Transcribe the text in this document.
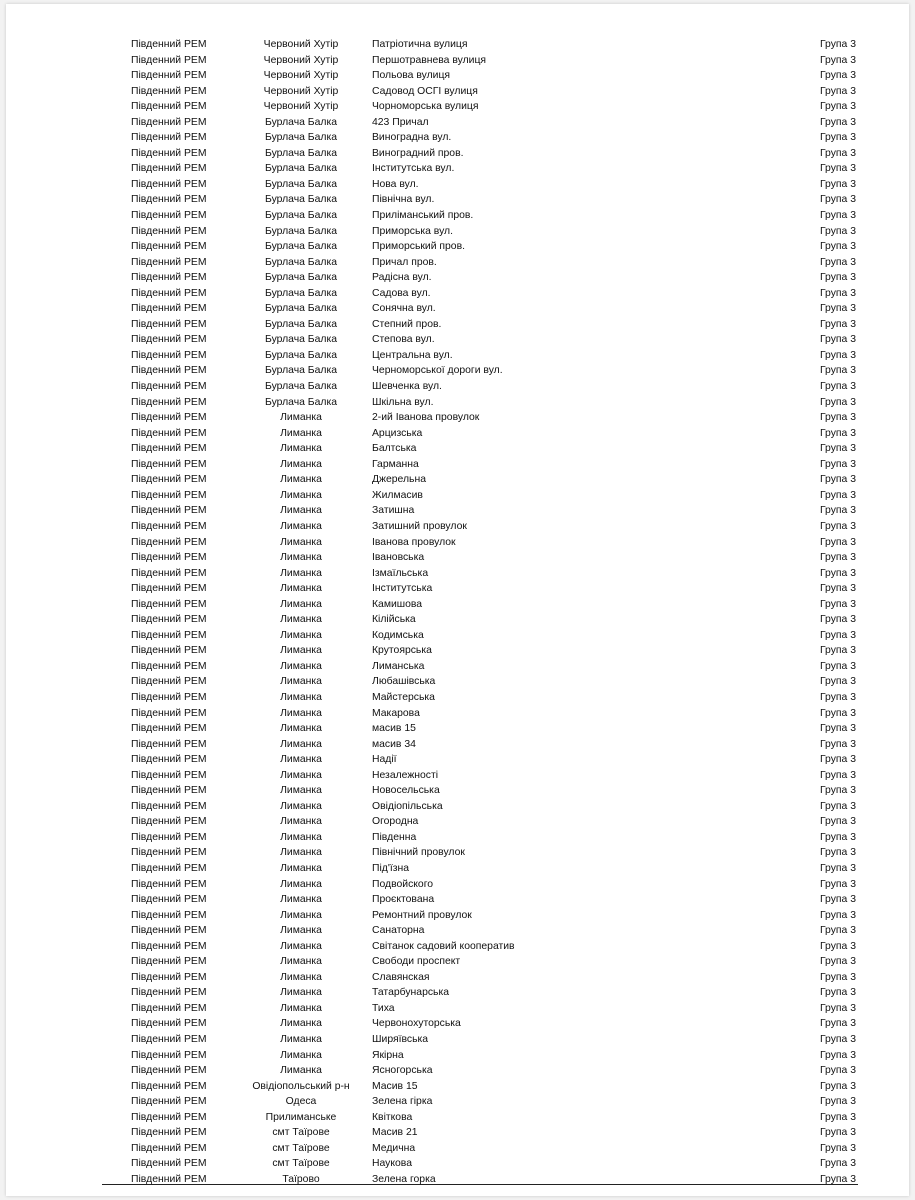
Південний РЕМ	Червоний Хутір	Патріотична вулиця	Група 3
Південний РЕМ	Червоний Хутір	Першотравнева вулиця	Група 3
Південний РЕМ	Червоний Хутір	Польова вулиця	Група 3
Південний РЕМ	Червоний Хутір	Садовод ОСГІ вулиця	Група 3
Південний РЕМ	Червоний Хутір	Чорноморська вулиця	Група 3
Південний РЕМ	Бурлача Балка	423 Причал	Група 3
Південний РЕМ	Бурлача Балка	Виноградна вул.	Група 3
Південний РЕМ	Бурлача Балка	Виноградний пров.	Група 3
Південний РЕМ	Бурлача Балка	Інститутська вул.	Група 3
Південний РЕМ	Бурлача Балка	Нова вул.	Група 3
Південний РЕМ	Бурлача Балка	Північна вул.	Група 3
Південний РЕМ	Бурлача Балка	Приліманський пров.	Група 3
Південний РЕМ	Бурлача Балка	Приморська вул.	Група 3
Південний РЕМ	Бурлача Балка	Приморський пров.	Група 3
Південний РЕМ	Бурлача Балка	Причал пров.	Група 3
Південний РЕМ	Бурлача Балка	Радісна вул.	Група 3
Південний РЕМ	Бурлача Балка	Садова вул.	Група 3
Південний РЕМ	Бурлача Балка	Сонячна вул.	Група 3
Південний РЕМ	Бурлача Балка	Степний пров.	Група 3
Південний РЕМ	Бурлача Балка	Степова вул.	Група 3
Південний РЕМ	Бурлача Балка	Центральна вул.	Група 3
Південний РЕМ	Бурлача Балка	Черноморської дороги вул.	Група 3
Південний РЕМ	Бурлача Балка	Шевченка вул.	Група 3
Південний РЕМ	Бурлача Балка	Шкільна вул.	Група 3
Південний РЕМ	Лиманка	2-ий Іванова провулок	Група 3
Південний РЕМ	Лиманка	Арцизська	Група 3
Південний РЕМ	Лиманка	Балтська	Група 3
Південний РЕМ	Лиманка	Гарманна	Група 3
Південний РЕМ	Лиманка	Джерельна	Група 3
Південний РЕМ	Лиманка	Жилмасив	Група 3
Південний РЕМ	Лиманка	Затишна	Група 3
Південний РЕМ	Лиманка	Затишний провулок	Група 3
Південний РЕМ	Лиманка	Іванова провулок	Група 3
Південний РЕМ	Лиманка	Івановська	Група 3
Південний РЕМ	Лиманка	Ізмаїльська	Група 3
Південний РЕМ	Лиманка	Інститутська	Група 3
Південний РЕМ	Лиманка	Камишова	Група 3
Південний РЕМ	Лиманка	Кілійська	Група 3
Південний РЕМ	Лиманка	Кодимська	Група 3
Південний РЕМ	Лиманка	Крутоярська	Група 3
Південний РЕМ	Лиманка	Лиманська	Група 3
Південний РЕМ	Лиманка	Любашівська	Група 3
Південний РЕМ	Лиманка	Майстерська	Група 3
Південний РЕМ	Лиманка	Макарова	Група 3
Південний РЕМ	Лиманка	масив 15	Група 3
Південний РЕМ	Лиманка	масив 34	Група 3
Південний РЕМ	Лиманка	Надії	Група 3
Південний РЕМ	Лиманка	Незалежності	Група 3
Південний РЕМ	Лиманка	Новосельська	Група 3
Південний РЕМ	Лиманка	Овідіопільська	Група 3
Південний РЕМ	Лиманка	Огородна	Група 3
Південний РЕМ	Лиманка	Південна	Група 3
Південний РЕМ	Лиманка	Північний провулок	Група 3
Південний РЕМ	Лиманка	Під'їзна	Група 3
Південний РЕМ	Лиманка	Подвойского	Група 3
Південний РЕМ	Лиманка	Проєктована	Група 3
Південний РЕМ	Лиманка	Ремонтний провулок	Група 3
Південний РЕМ	Лиманка	Санаторна	Група 3
Південний РЕМ	Лиманка	Світанок садовий кооператив	Група 3
Південний РЕМ	Лиманка	Свободи проспект	Група 3
Південний РЕМ	Лиманка	Славянская	Група 3
Південний РЕМ	Лиманка	Татарбунарська	Група 3
Південний РЕМ	Лиманка	Тиха	Група 3
Південний РЕМ	Лиманка	Червонохуторська	Група 3
Південний РЕМ	Лиманка	Ширяївська	Група 3
Південний РЕМ	Лиманка	Якірна	Група 3
Південний РЕМ	Лиманка	Ясногорська	Група 3
Південний РЕМ	Овідіопольський р-н	Масив 15	Група 3
Південний РЕМ	Одеса	Зелена гірка	Група 3
Південний РЕМ	Прилиманське	Квіткова	Група 3
Південний РЕМ	смт Таїрове	Масив 21	Група 3
Південний РЕМ	смт Таїрове	Медична	Група 3
Південний РЕМ	смт Таїрове	Наукова	Група 3
Південний РЕМ	Таїрово	Зелена горка	Група 3
